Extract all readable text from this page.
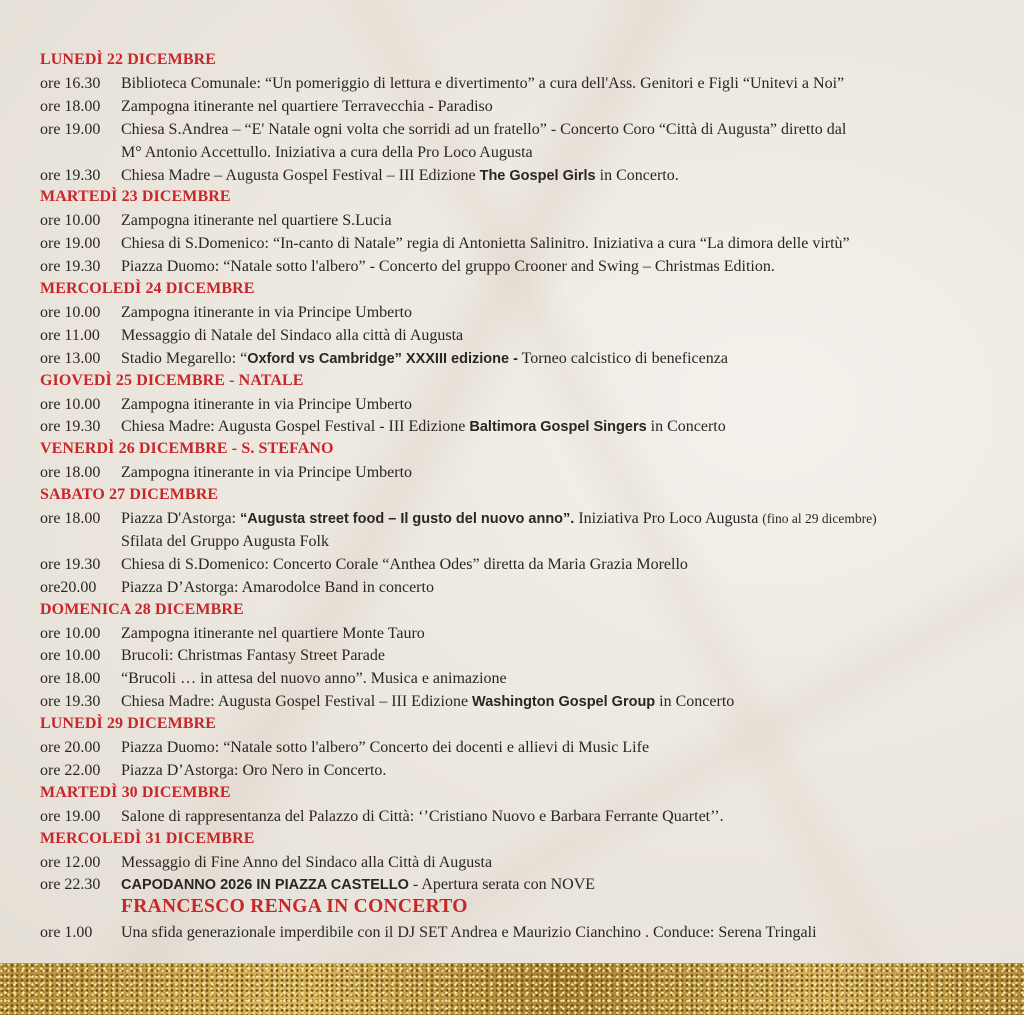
LUNEDÌ 22 DICEMBRE
ore 16.30 Biblioteca Comunale: “Un pomeriggio di lettura e divertimento” a cura dell'Ass. Genitori e Figli “Unitevi a Noi”
ore 18.00 Zampogna itinerante nel quartiere Terravecchia - Paradiso
ore 19.00 Chiesa S.Andrea – “E' Natale ogni volta che sorridi ad un fratello” - Concerto Coro “Città di Augusta” diretto dal
M° Antonio Accettullo. Iniziativa a cura della Pro Loco Augusta
ore 19.30 Chiesa Madre – Augusta Gospel Festival – III Edizione The Gospel Girls in Concerto.
MARTEDÌ 23 DICEMBRE
ore 10.00 Zampogna itinerante nel quartiere S.Lucia
ore 19.00 Chiesa di S.Domenico: “In-canto di Natale” regia di Antonietta Salinitro. Iniziativa a cura “La dimora delle virtù”
ore 19.30 Piazza Duomo: “Natale sotto l'albero” - Concerto del gruppo Crooner and Swing – Christmas Edition.
MERCOLEDÌ 24 DICEMBRE
ore 10.00 Zampogna itinerante in via Principe Umberto
ore 11.00 Messaggio di Natale del Sindaco alla città di Augusta
ore 13.00 Stadio Megarello: “Oxford vs Cambridge” XXXIII edizione - Torneo calcistico di beneficenza
GIOVEDÌ 25 DICEMBRE - NATALE
ore 10.00 Zampogna itinerante in via Principe Umberto
ore 19.30 Chiesa Madre: Augusta Gospel Festival - III Edizione Baltimora Gospel Singers in Concerto
VENERDÌ 26 DICEMBRE - S. STEFANO
ore 18.00 Zampogna itinerante in via Principe Umberto
SABATO 27 DICEMBRE
ore 18.00 Piazza D'Astorga: “Augusta street food – Il gusto del nuovo anno”. Iniziativa Pro Loco Augusta (fino al 29 dicembre)
Sfilata del Gruppo Augusta Folk
ore 19.30 Chiesa di S.Domenico: Concerto Corale “Anthea Odes” diretta da Maria Grazia Morello
ore20.00 Piazza D’Astorga: Amarodolce Band in concerto
DOMENICA 28 DICEMBRE
ore 10.00 Zampogna itinerante nel quartiere Monte Tauro
ore 10.00 Brucoli: Christmas Fantasy Street Parade
ore 18.00 “Brucoli … in attesa del nuovo anno”. Musica e animazione
ore 19.30 Chiesa Madre: Augusta Gospel Festival – III Edizione Washington Gospel Group in Concerto
LUNEDÌ 29 DICEMBRE
ore 20.00 Piazza Duomo: “Natale sotto l'albero” Concerto dei docenti e allievi di Music Life
ore 22.00 Piazza D’Astorga: Oro Nero in Concerto.
MARTEDÌ 30 DICEMBRE
ore 19.00 Salone di rappresentanza del Palazzo di Città: ‘’Cristiano Nuovo e Barbara Ferrante Quartet’’.
MERCOLEDÌ 31 DICEMBRE
ore 12.00 Messaggio di Fine Anno del Sindaco alla Città di Augusta
ore 22.30 CAPODANNO 2026 IN PIAZZA CASTELLO - Apertura serata con NOVE
FRANCESCO RENGA IN CONCERTO
ore 1.00 Una sfida generazionale imperdibile con il DJ SET Andrea e Maurizio Cianchino . Conduce: Serena Tringali
